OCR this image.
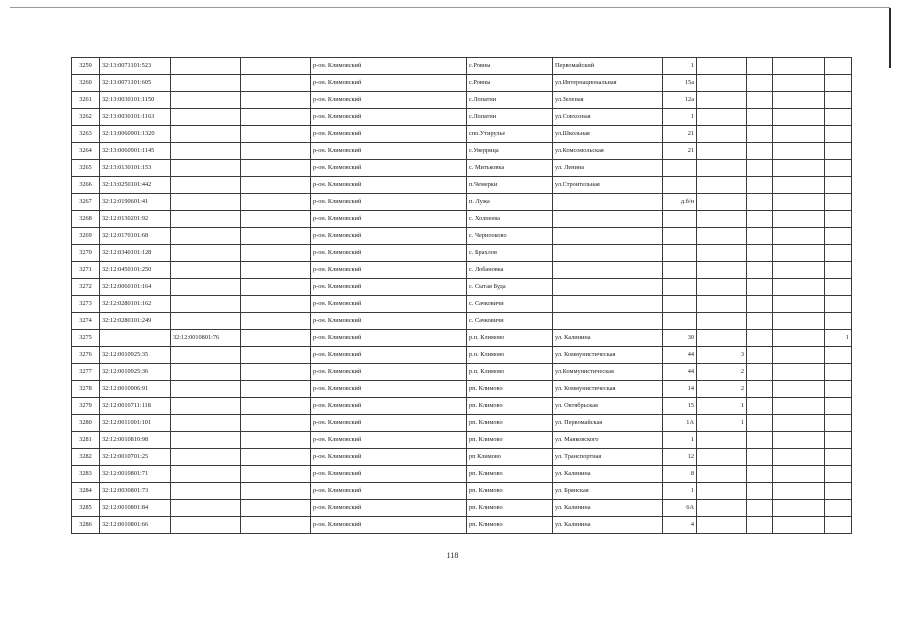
3259	32:13:0071101:523			р-он. Климовский	с.Ровны	Первомайский	1				
3260	32:13:0071101:605			р-он. Климовский	с.Ровны	ул.Интернациональная	15а				
3261	32:13:0030101:1150			р-он. Климовский	с.Лопатни	ул.Зеленая	12а				
3262	32:13:0030101:1163			р-он. Климовский	с.Лопатни	ул.Совхозная	1				
3263	32:13:0060901:1320			р-он. Климовский	спо.Утирулье	ул.Школьная	21				
3264	32:13:0060901:1145			р-он. Климовский	с.Уверрица	ул.Комсомольская	21				
3265	32:13:0130101:153			р-он. Климовский	с. Митьковка	ул. Ленина					
3266	32:13:0250101:442			р-он. Климовский	п.Чемерки	ул.Строительная					
3267	32:12:0190601:41			р-он. Климовский	п. Лужа		д.б/н				
3268	32:12:0130201:92			р-он. Климовский	с. Холпеева						
3269	32:12:0170101:68			р-он. Климовский	с. Чернооково						
3270	32:12:0340101:128			р-он. Климовский	с. Брахлов						
3271	32:12:0450101:250			р-он. Климовский	с. Лобановка						
3272	32:12:0060101:164			р-он. Климовский	с. Сытая Буда						
3273	32:12:0280101:162			р-он. Климовский	с. Сачковичи						
3274	32:12:0280101:249			р-он. Климовский	с. Сачковичи						
3275		32:12:0010801:76		р-он. Климовский	р.п. Климово	ул. Калинина	30				1
3276	32:12:0010925:35			р-он. Климовский	р.п. Климово	ул. Коммунистическая	44	3			
3277	32:12:0010925:36			р-он. Климовский	р.п. Климово	ул.Коммунистическая	44	2			
3278	32:12:0010906:91			р-он. Климовский	рп. Климово	ул. Коммунистическая	14	2			
3279	32:12:0010711:118			р-он. Климовский	рп. Климово	ул. Октябрьская	15	1			
3280	32:12:0011001:101			р-он. Климовский	рп. Климово	ул. Первомайская	1А	1			
3281	32:12:0010810:98			р-он. Климовский	рп. Климово	ул. Маяковского	1				
3282	32:12:0010701:25			р-он. Климовский	рп Климово	ул. Транспортная	12				
3283	32:12:0010801:71			р-он. Климовский	рп. Климово	ул. Калинина	8				
3284	32:12:0030801:73			р-он. Климовский	рп. Климово	ул. Брянская	1				
3285	32:12:0010801:84			р-он. Климовский	рп. Климово	ул. Калинина	6А				
3286	32:12:0010801:66			р-он. Климовский	рп. Климово	ул. Калинина	4				
118
